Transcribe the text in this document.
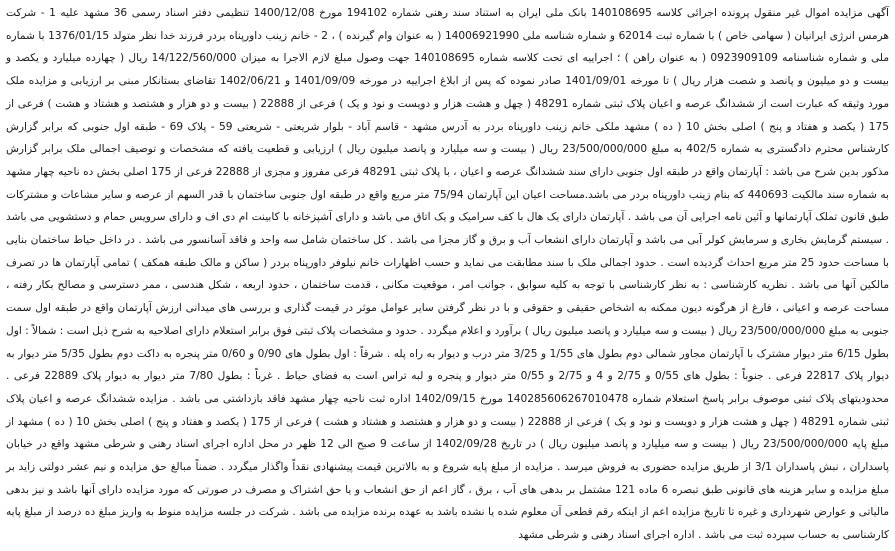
آگهی مزایده اموال غیر منقول پرونده اجرائی کلاسه 140108695 بانک ملی ایران به استناد سند رهنی شماره 194102 مورخ 1400/12/08 تنظیمی دفتر اسناد رسمی 36 مشهد علیه 1 - شرکت هرمس انرژی ایرانیان ( سهامی خاص ) با شماره ثبت 62014 و شماره شناسه ملی 14006921990 ( به عنوان وام گیرنده ) ، 2 - خانم زینب داورپناه بردر فرزند خدا نظر متولد 1376/01/15 با شماره ملی و شماره شناسنامه 0923909109 ( به عنوان راهن ) ؛ اجراییه ای تحت کلاسه شماره 140108695 جهت وصول مبلغ لازم الاجرا به میزان 14/122/560/000 ریال ( چهارده میلیارد و یکصد و بیست و دو میلیون و پانصد و شصت هزار ریال ) تا مورخه 1401/09/01 صادر نموده که پس از ابلاغ اجراییه در مورخه 1401/09/09 و 1402/06/21 تقاضای بستانکار مبنی بر ارزیابی و مزایده ملک مورد وثیقه که عبارت است از ششدانگ عرصه و اعیان پلاک ثبتی شماره 48291 ( چهل و هشت هزار و دویست و نود و یک ) فرعی از 22888 ( بیست و دو هزار و هشتصد و هشتاد و هشت ) فرعی از 175 ( یکصد و هفتاد و پنج ) اصلی بخش 10 ( ده ) مشهد ملکی خانم زینب داورپناه بردر به آدرس مشهد - قاسم آباد - بلوار شریعتی - شریعتی 59 - پلاک 69 - طبقه اول جنوبی که برابر گزارش کارشناس محترم دادگستری به شماره 402/5 به مبلغ 23/500/000/000 ریال ( بیست و سه میلیارد و پانصد میلیون ریال ) ارزیابی و قطعیت یافته که مشخصات و توصیف اجمالی ملک برابر گزارش مذکور بدین شرح می باشد : آپارتمان واقع در طبقه اول جنوبی دارای سند ششدانگ عرصه و اعیان ، با پلاک ثبتی 48291 فرعی مفروز و مجزی از 22888 فرعی از 175 اصلی بخش ده ناحیه چهار مشهد به شماره سند مالکیت 440693 که بنام زینب داورپناه بردر می باشد.مساحت اعیان این آپارتمان 75/94 متر مربع واقع در طبقه اول جنوبی ساختمان با قدر السهم از عرصه و سایر مشاعات و مشترکات طبق قانون تملک آپارتمانها و آئین نامه اجرایی آن می باشد . آپارتمان دارای یک هال با کف سرامیک و یک اتاق می باشد و دارای آشپزخانه با کابینت ام دی اف و دارای سرویس حمام و دستشویی می باشد . سیستم گرمایش بخاری و سرمایش کولر آبی می باشد و آپارتمان دارای انشعاب آب و برق و گاز مجزا می باشد . کل ساختمان شامل سه واحد و فاقد آسانسور می باشد . در داخل حیاط ساختمان بنایی با مساحت حدود 25 متر مربع احداث گردیده است . حدود اجمالی ملک با سند مطابقت می نماید و حسب اظهارات خانم نیلوفر داورپناه بردر ( ساکن و مالک طبقه همکف ) تمامی آپارتمان ها در تصرف مالکین آنها می باشد . نظریه کارشناسی : به نظر کارشناسی با توجه به کلیه سوابق ، جوانب امر ، موقعیت مکانی ، قدمت ساختمان ، حدود اربعه ، شکل هندسی ، ممر دسترسی و مصالح بکار رفته ، مساحت عرصه و اعیانی ، فارغ از هرگونه دیون ممکنه به اشخاص حقیقی و حقوقی و با در نظر گرفتن سایر عوامل موثر در قیمت گذاری و بررسی های میدانی ارزش آپارتمان واقع در طبقه اول سمت جنوبی به مبلغ 23/500/000/000 ریال ( بیست و سه میلیارد و پانصد میلیون ریال ) برآورد و اعلام میگردد . حدود و مشخصات پلاک ثبتی فوق برابر استعلام دارای اصلاحیه به شرح ذیل است : شمالاً : اول بطول 6/15 متر دیوار مشترک با آپارتمان مجاور شمالی دوم بطول های 1/55 و 3/25 متر درب و دیوار به راه پله . شرقاً : اول بطول های 0/90 و 0/60 متر پنجره به داکت دوم بطول 5/35 متر دیوار به دیوار پلاک 22817 فرعی . جنوباً : بطول های 0/55 و 2/75 و 4 و 2/75 و 0/55 متر دیوار و پنجره و لبه تراس است به فضای حیاط . غرباً : بطول 7/80 متر دیوار به دیوار پلاک 22889 فرعی . محدودیتهای پلاک ثبتی موصوف برابر پاسخ استعلام شماره 140285606267010478 مورخ 1402/09/15 اداره ثبت ناحیه چهار مشهد فاقد بازداشتی می باشد . مزایده ششدانگ عرصه و اعیان پلاک ثبتی شماره 48291 ( چهل و هشت هزار و دویست و نود و یک ) فرعی از 22888 ( بیست و دو هزار و هشتصد و هشتاد و هشت ) فرعی از 175 ( یکصد و هفتاد و پنج ) اصلی بخش 10 ( ده ) مشهد از مبلغ پایه 23/500/000/000 ریال ( بیست و سه میلیارد و پانصد میلیون ریال ) در تاریخ 1402/09/28 از ساعت 9 صبح الی 12 ظهر در محل اداره اجرای اسناد رهنی و شرطی مشهد واقع در خیابان پاسداران ، نبش پاسداران 3/1 از طریق مزایده حضوری به فروش میرسد . مزایده از مبلغ پایه شروع و به بالاترین قیمت پیشنهادی نقداً واگذار میگردد . ضمناً مبالغ حق مزایده و نیم عشر دولتی زاید بر مبلغ مزایده و سایر هزینه های قانونی طبق تبصره 6 ماده 121 مشتمل بر بدهی های آب ، برق ، گاز اعم از حق انشعاب و یا حق اشتراک و مصرف در صورتی که مورد مزایده دارای آنها باشد و نیز بدهی مالیاتی و عوارض شهرداری و غیره تا تاریخ مزایده اعم از اینکه رقم قطعی آن معلوم شده یا نشده باشد به عهده برنده مزایده می باشد . شرکت در جلسه مزایده منوط به واریز مبلغ ده درصد از مبلغ پایه کارشناسی به حساب سپرده ثبت می باشد . اداره اجرای اسناد رهنی و شرطی مشهد
